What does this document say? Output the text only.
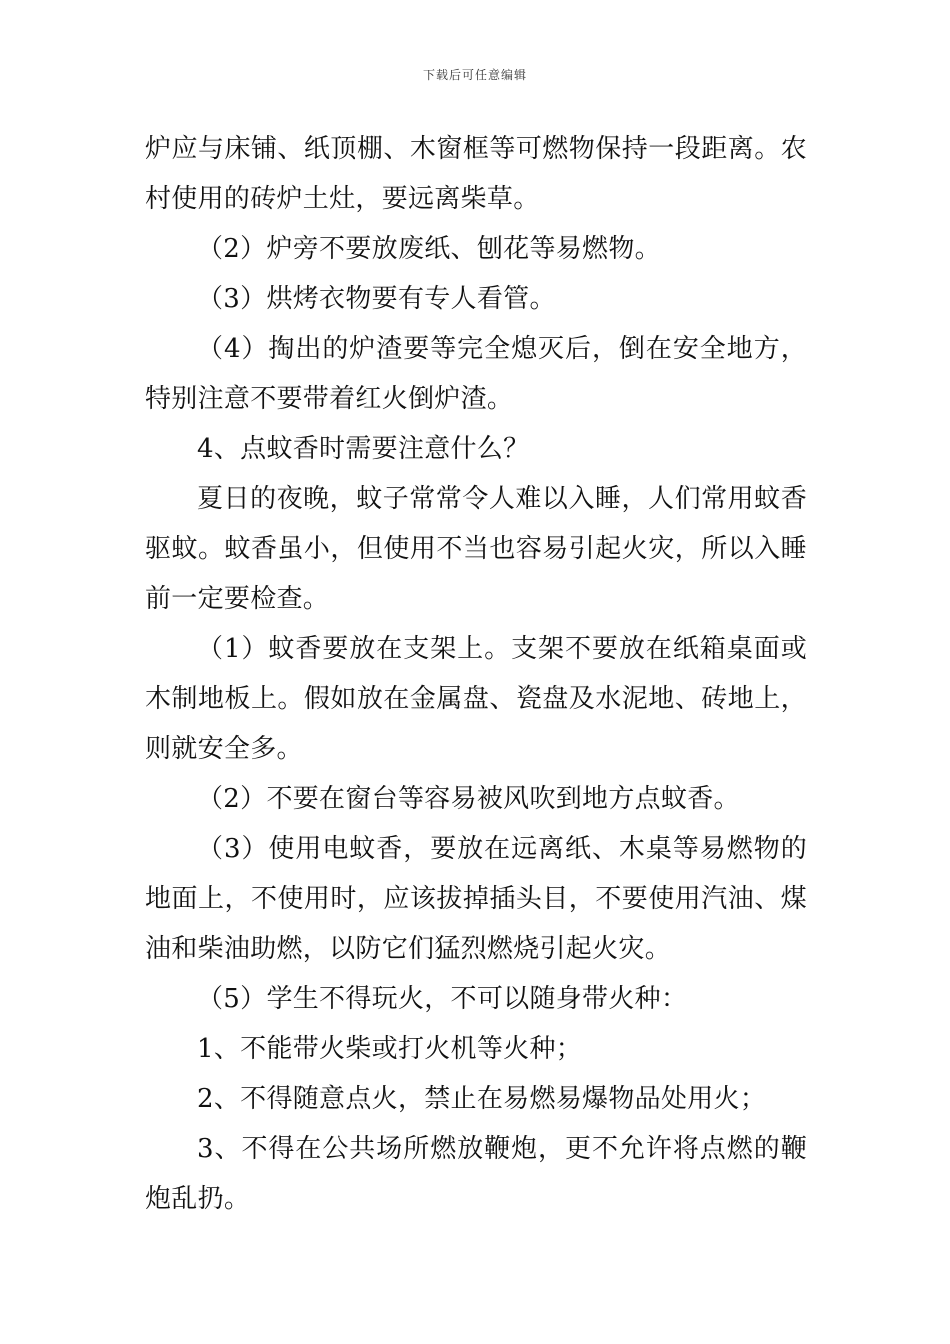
下载后可任意编辑

炉应与床铺、纸顶棚、木窗框等可燃物保持一段距离。农村使用的砖炉土灶，要远离柴草。

（2）炉旁不要放废纸、刨花等易燃物。

（3）烘烤衣物要有专人看管。

（4）掏出的炉渣要等完全熄灭后，倒在安全地方，特别注意不要带着红火倒炉渣。

4、点蚊香时需要注意什么？

夏日的夜晚，蚊子常常令人难以入睡，人们常用蚊香驱蚊。蚊香虽小，但使用不当也容易引起火灾，所以入睡前一定要检查。

（1）蚊香要放在支架上。支架不要放在纸箱桌面或木制地板上。假如放在金属盘、瓷盘及水泥地、砖地上，则就安全多。

（2）不要在窗台等容易被风吹到地方点蚊香。

（3）使用电蚊香，要放在远离纸、木桌等易燃物的地面上，不使用时，应该拔掉插头目，不要使用汽油、煤油和柴油助燃，以防它们猛烈燃烧引起火灾。

（5）学生不得玩火，不可以随身带火种：

1、不能带火柴或打火机等火种；

2、不得随意点火，禁止在易燃易爆物品处用火；

3、不得在公共场所燃放鞭炮，更不允许将点燃的鞭炮乱扔。
